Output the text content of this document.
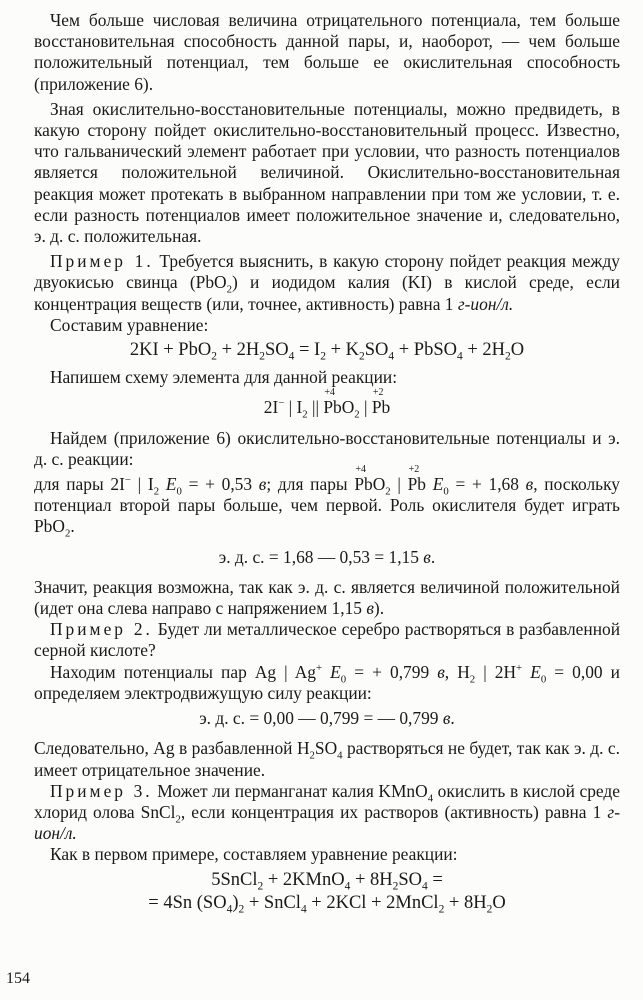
Чем больше числовая величина отрицательного потенциала, тем больше восстановительная способность данной пары, и, наоборот, — чем больше положительный потенциал, тем больше ее окислительная способность (приложение 6).

Зная окислительно-восстановительные потенциалы, можно предвидеть, в какую сторону пойдет окислительно-восстановительный процесс. Известно, что гальванический элемент работает при условии, что разность потенциалов является положительной величиной. Окислительно-восстановительная реакция может протекать в выбранном направлении при том же условии, т. е. если разность потенциалов имеет положительное значение и, следовательно, э. д. с. положительная.

Пример 1. Требуется выяснить, в какую сторону пойдет реакция между двуокисью свинца (PbO$_2$) и иодидом калия (KI) в кислой среде, если концентрация веществ (или, точнее, активность) равна 1 г-ион/л.

Составим уравнение:

$2KI + PbO_2 + 2H_2SO_4 = I_2 + K_2SO_4$ + PbSO$_4$ + $2H_2O$

Напишем схему элемента для данной реакции:

2I− | $I_2$ ||
+4
PbO$_2$ |
+2
Pb

Найдем (приложение 6) окислительно-восстановительные потенциалы и э. д. с. реакции:

для пары 2I− | $I_2$ $E_0$ = + 0,53 в; для пары
+4
PbO$_2$ |
+2
Pb $E_0$ = + 1,68 в, поскольку потенциал второй пары больше, чем первой. Роль окислителя будет играть PbO$_2$.

э. д. с. = 1,68 — 0,53 = 1,15 в.

Значит, реакция возможна, так как э. д. с. является величиной положительной (идет она слева направо с напряжением 1,15 в).

Пример 2. Будет ли металлическое серебро растворяться в разбавленной серной кислоте?

Находим потенциалы пар Ag | Ag+ $E_0$ = + 0,799 в, $H_2$ | 2H+ $E_0 = 0,00$ и определяем электродвижущую силу реакции:

э. д. с. = 0,00 — 0,799 = — 0,799 в.

Следовательно, Ag в разбавленной $H_2SO_4$ растворяться не будет, так как э. д. с. имеет отрицательное значение.

Пример 3. Может ли перманганат калия KMnO$_4$ окислить в кислой среде хлорид олова SnCl$_2$, если концентрация их растворов (активность) равна 1 г-ион/л.

Как в первом примере, составляем уравнение реакции:

5SnCl$_2$ + 2KMnO$_4$ + $8H_2SO_4$ =
= 4Sn $(SO_4)_2$ + SnCl$_4$ + 2KCl + 2MnCl$_2$ + $8H_2O$
154
